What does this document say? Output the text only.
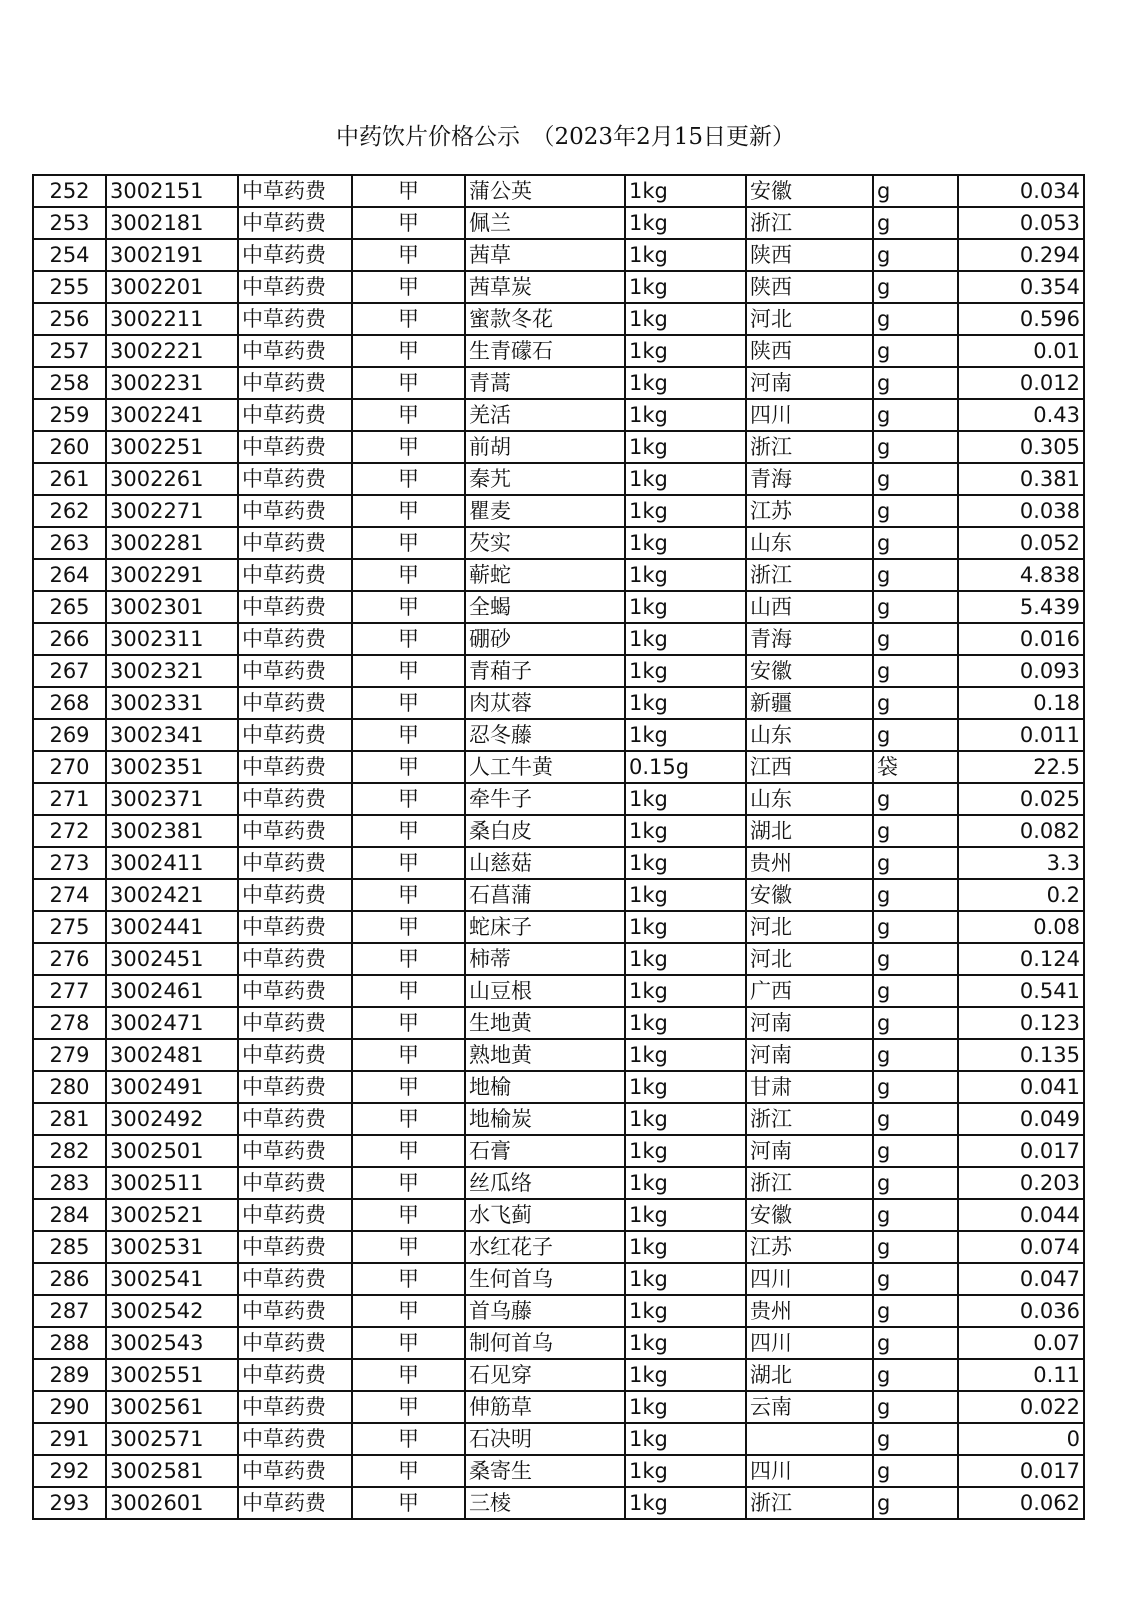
中药饮片价格公示　（2023年2月15日更新）
252	3002151	中草药费	甲	蒲公英	1kg	安徽	g	0.034
253	3002181	中草药费	甲	佩兰	1kg	浙江	g	0.053
254	3002191	中草药费	甲	茜草	1kg	陕西	g	0.294
255	3002201	中草药费	甲	茜草炭	1kg	陕西	g	0.354
256	3002211	中草药费	甲	蜜款冬花	1kg	河北	g	0.596
257	3002221	中草药费	甲	生青礞石	1kg	陕西	g	0.01
258	3002231	中草药费	甲	青蒿	1kg	河南	g	0.012
259	3002241	中草药费	甲	羌活	1kg	四川	g	0.43
260	3002251	中草药费	甲	前胡	1kg	浙江	g	0.305
261	3002261	中草药费	甲	秦艽	1kg	青海	g	0.381
262	3002271	中草药费	甲	瞿麦	1kg	江苏	g	0.038
263	3002281	中草药费	甲	芡实	1kg	山东	g	0.052
264	3002291	中草药费	甲	蕲蛇	1kg	浙江	g	4.838
265	3002301	中草药费	甲	全蝎	1kg	山西	g	5.439
266	3002311	中草药费	甲	硼砂	1kg	青海	g	0.016
267	3002321	中草药费	甲	青葙子	1kg	安徽	g	0.093
268	3002331	中草药费	甲	肉苁蓉	1kg	新疆	g	0.18
269	3002341	中草药费	甲	忍冬藤	1kg	山东	g	0.011
270	3002351	中草药费	甲	人工牛黄	0.15g	江西	袋	22.5
271	3002371	中草药费	甲	牵牛子	1kg	山东	g	0.025
272	3002381	中草药费	甲	桑白皮	1kg	湖北	g	0.082
273	3002411	中草药费	甲	山慈菇	1kg	贵州	g	3.3
274	3002421	中草药费	甲	石菖蒲	1kg	安徽	g	0.2
275	3002441	中草药费	甲	蛇床子	1kg	河北	g	0.08
276	3002451	中草药费	甲	柿蒂	1kg	河北	g	0.124
277	3002461	中草药费	甲	山豆根	1kg	广西	g	0.541
278	3002471	中草药费	甲	生地黄	1kg	河南	g	0.123
279	3002481	中草药费	甲	熟地黄	1kg	河南	g	0.135
280	3002491	中草药费	甲	地榆	1kg	甘肃	g	0.041
281	3002492	中草药费	甲	地榆炭	1kg	浙江	g	0.049
282	3002501	中草药费	甲	石膏	1kg	河南	g	0.017
283	3002511	中草药费	甲	丝瓜络	1kg	浙江	g	0.203
284	3002521	中草药费	甲	水飞蓟	1kg	安徽	g	0.044
285	3002531	中草药费	甲	水红花子	1kg	江苏	g	0.074
286	3002541	中草药费	甲	生何首乌	1kg	四川	g	0.047
287	3002542	中草药费	甲	首乌藤	1kg	贵州	g	0.036
288	3002543	中草药费	甲	制何首乌	1kg	四川	g	0.07
289	3002551	中草药费	甲	石见穿	1kg	湖北	g	0.11
290	3002561	中草药费	甲	伸筋草	1kg	云南	g	0.022
291	3002571	中草药费	甲	石决明	1kg		g	0
292	3002581	中草药费	甲	桑寄生	1kg	四川	g	0.017
293	3002601	中草药费	甲	三棱	1kg	浙江	g	0.062
